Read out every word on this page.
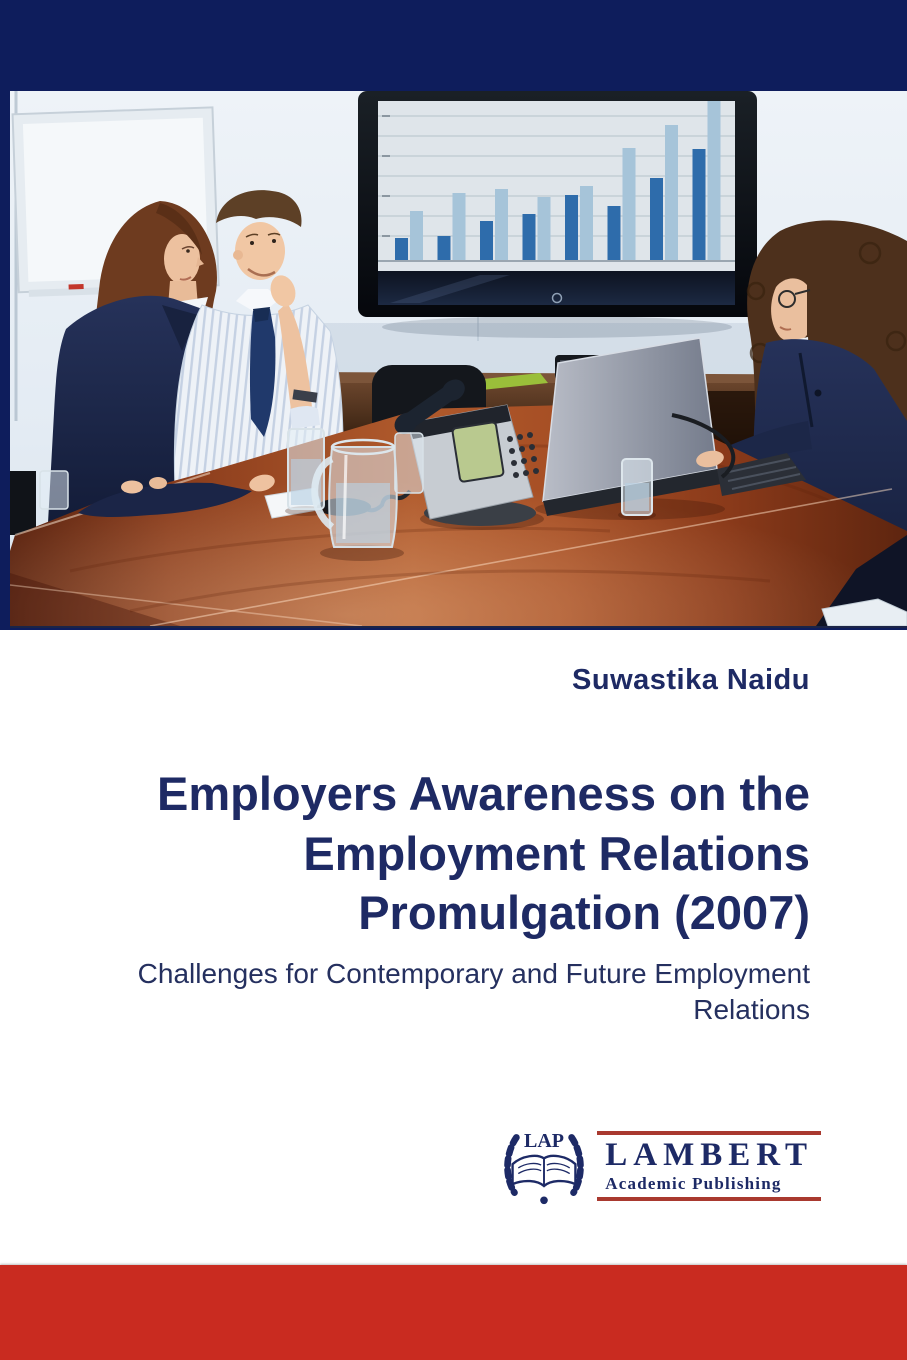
Suwastika Naidu
Employers Awareness on the
Employment Relations
Promulgation (2007)
Challenges for Contemporary and Future Employment
Relations
LAP LAMBERT
Academic Publishing
